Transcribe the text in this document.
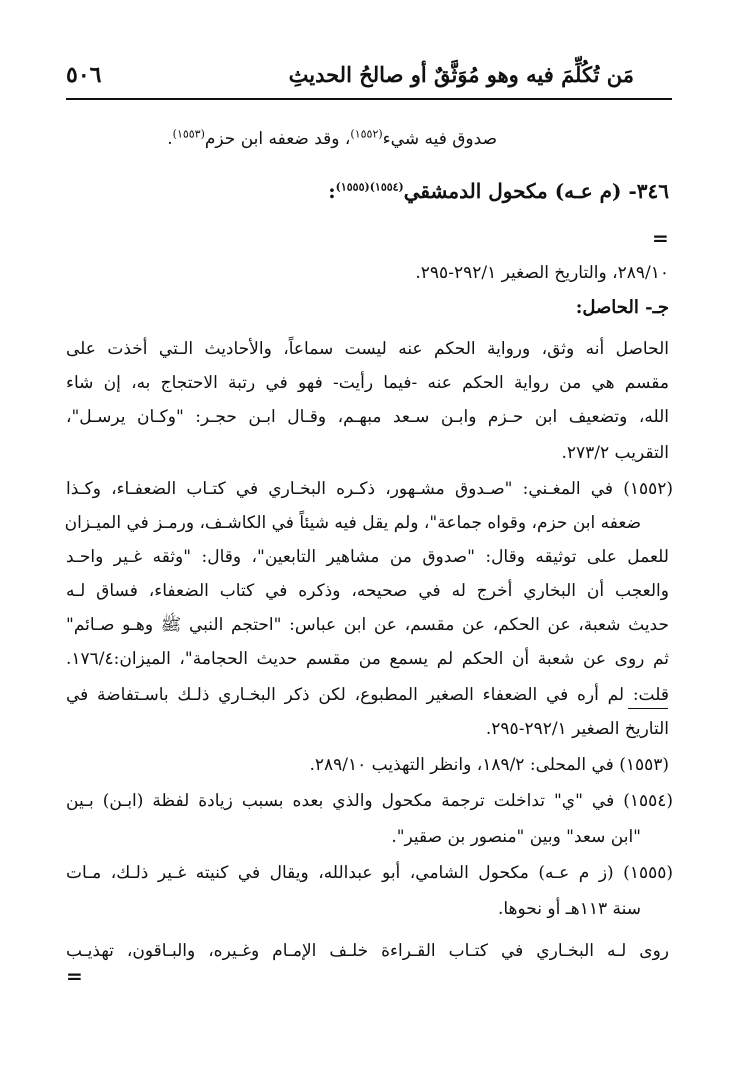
مَن تُكُلِّمَ فيه وهو مُوَثَّقٌ أو صالحُ الحديثِ
٥٠٦
صدوق فيه شيء$^{(١٥٥٢)}$، وقد ضعفه ابن حزم$^{(١٥٥٣)}$.
٣٤٦- (م عـه) مكحول الدمشقي$^{(١٥٥٤)(١٥٥٥)}$:
=
٢٨٩/١٠، والتاريخ الصغير ٢٩٢/١-٢٩٥.
جـ- الحاصل:
الحاصل أنه وثق، ورواية الحكم عنه ليست سماعاً، والأحاديث الـتي أخذت على
مقسم هي من رواية الحكم عنه -فيما رأيت- فهو في رتبة الاحتجاج به، إن شاء
الله، وتضعيف ابن حـزم وابـن سـعد مبهـم، وقـال ابـن حجـر: "وكـان يرسـل"،
التقريب ٢٧٣/٢.
(١٥٥٢) في المغـني: "صـدوق مشـهور، ذكـره البخـاري في كتـاب الضعفـاء، وكـذا
ضعفه ابن حزم، وقواه جماعة"، ولم يقل فيه شيئاً في الكاشـف، ورمـز في الميـزان
للعمل على توثيقه وقال: "صدوق من مشاهير التابعين"، وقال: "وثقه غـير واحـد
والعجب أن البخاري أخرج له في صحيحه، وذكره في كتاب الضعفاء، فساق لـه
حديث شعبة، عن الحكم، عن مقسم، عن ابن عباس: "احتجم النبي ﷺ وهـو صـائم"
ثم روى عن شعبة أن الحكم لم يسمع من مقسم حديث الحجامة"، الميزان:١٧٦/٤.
قلت: لم أره في الضعفاء الصغير المطبوع، لكن ذكر البخـاري ذلـك باسـتفاضة في
التاريخ الصغير ٢٩٢/١-٢٩٥.
(١٥٥٣) في المحلى: ١٨٩/٢، وانظر التهذيب ٢٨٩/١٠.
(١٥٥٤) في "ي" تداخلت ترجمة مكحول والذي بعده بسبب زيادة لفظة (ابـن) بـين
"ابن سعد" وبين "منصور بن صقير".
(١٥٥٥) (ز م عـه) مكحول الشامي، أبو عبدالله، ويقال في كنيته غـير ذلـك، مـات
سنة ١١٣هـ أو نحوها.
روى لـه البخـاري في كتـاب القـراءة خلـف الإمـام وغـيره، والبـاقون، تهذيـب
=
